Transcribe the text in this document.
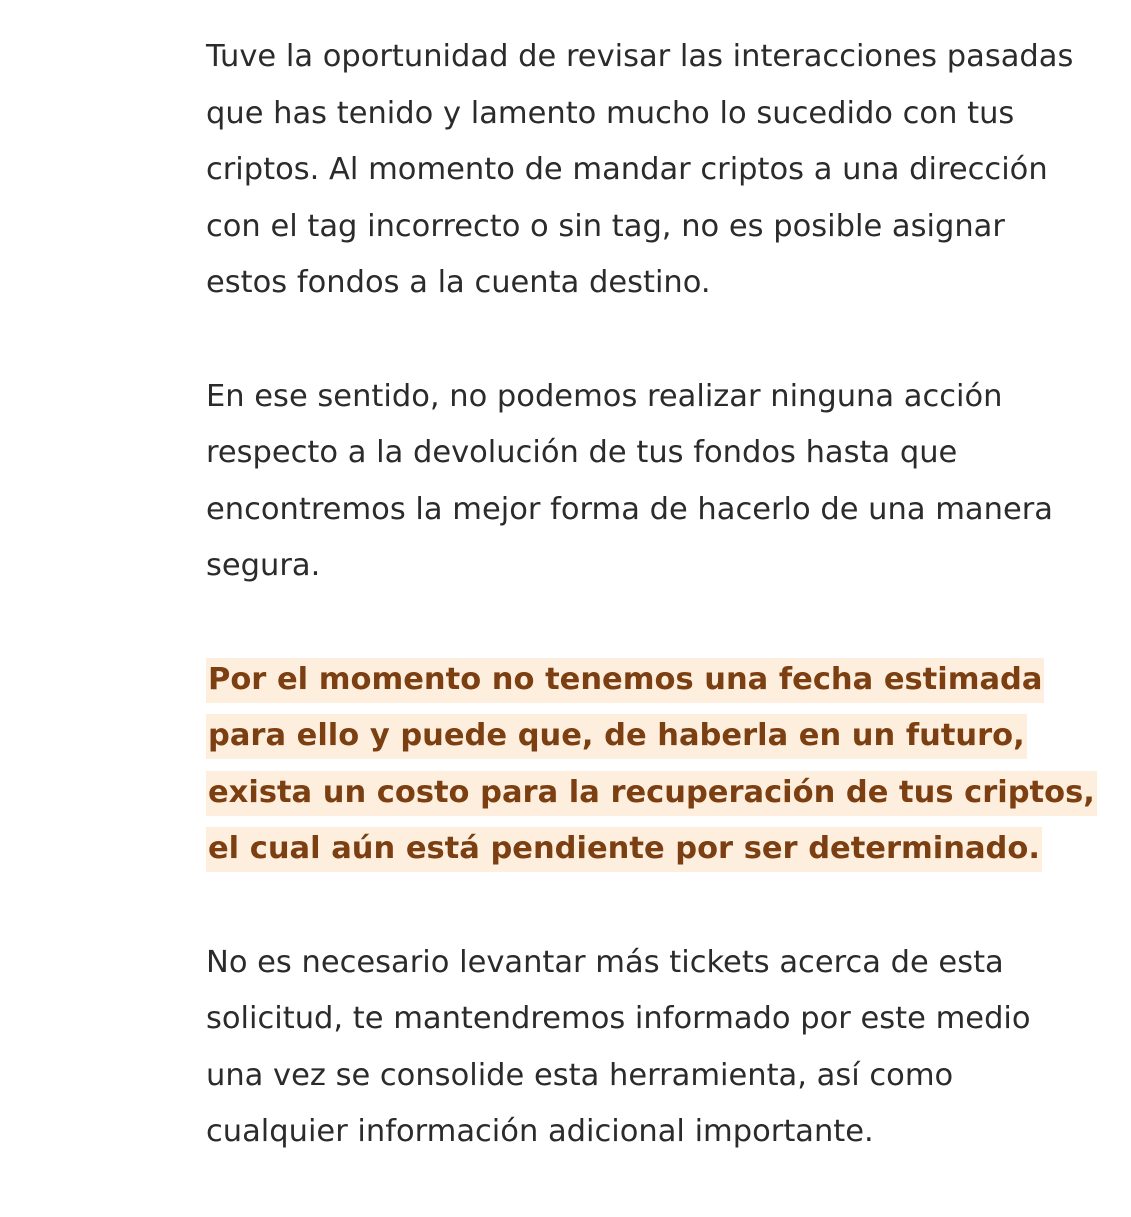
Tuve la oportunidad de revisar las interacciones pasadas
que has tenido y lamento mucho lo sucedido con tus
criptos. Al momento de mandar criptos a una dirección
con el tag incorrecto o sin tag, no es posible asignar
estos fondos a la cuenta destino.

En ese sentido, no podemos realizar ninguna acción
respecto a la devolución de tus fondos hasta que
encontremos la mejor forma de hacerlo de una manera
segura.

Por el momento no tenemos una fecha estimada
para ello y puede que, de haberla en un futuro,
exista un costo para la recuperación de tus criptos,
el cual aún está pendiente por ser determinado.

No es necesario levantar más tickets acerca de esta
solicitud, te mantendremos informado por este medio
una vez se consolide esta herramienta, así como
cualquier información adicional importante.
